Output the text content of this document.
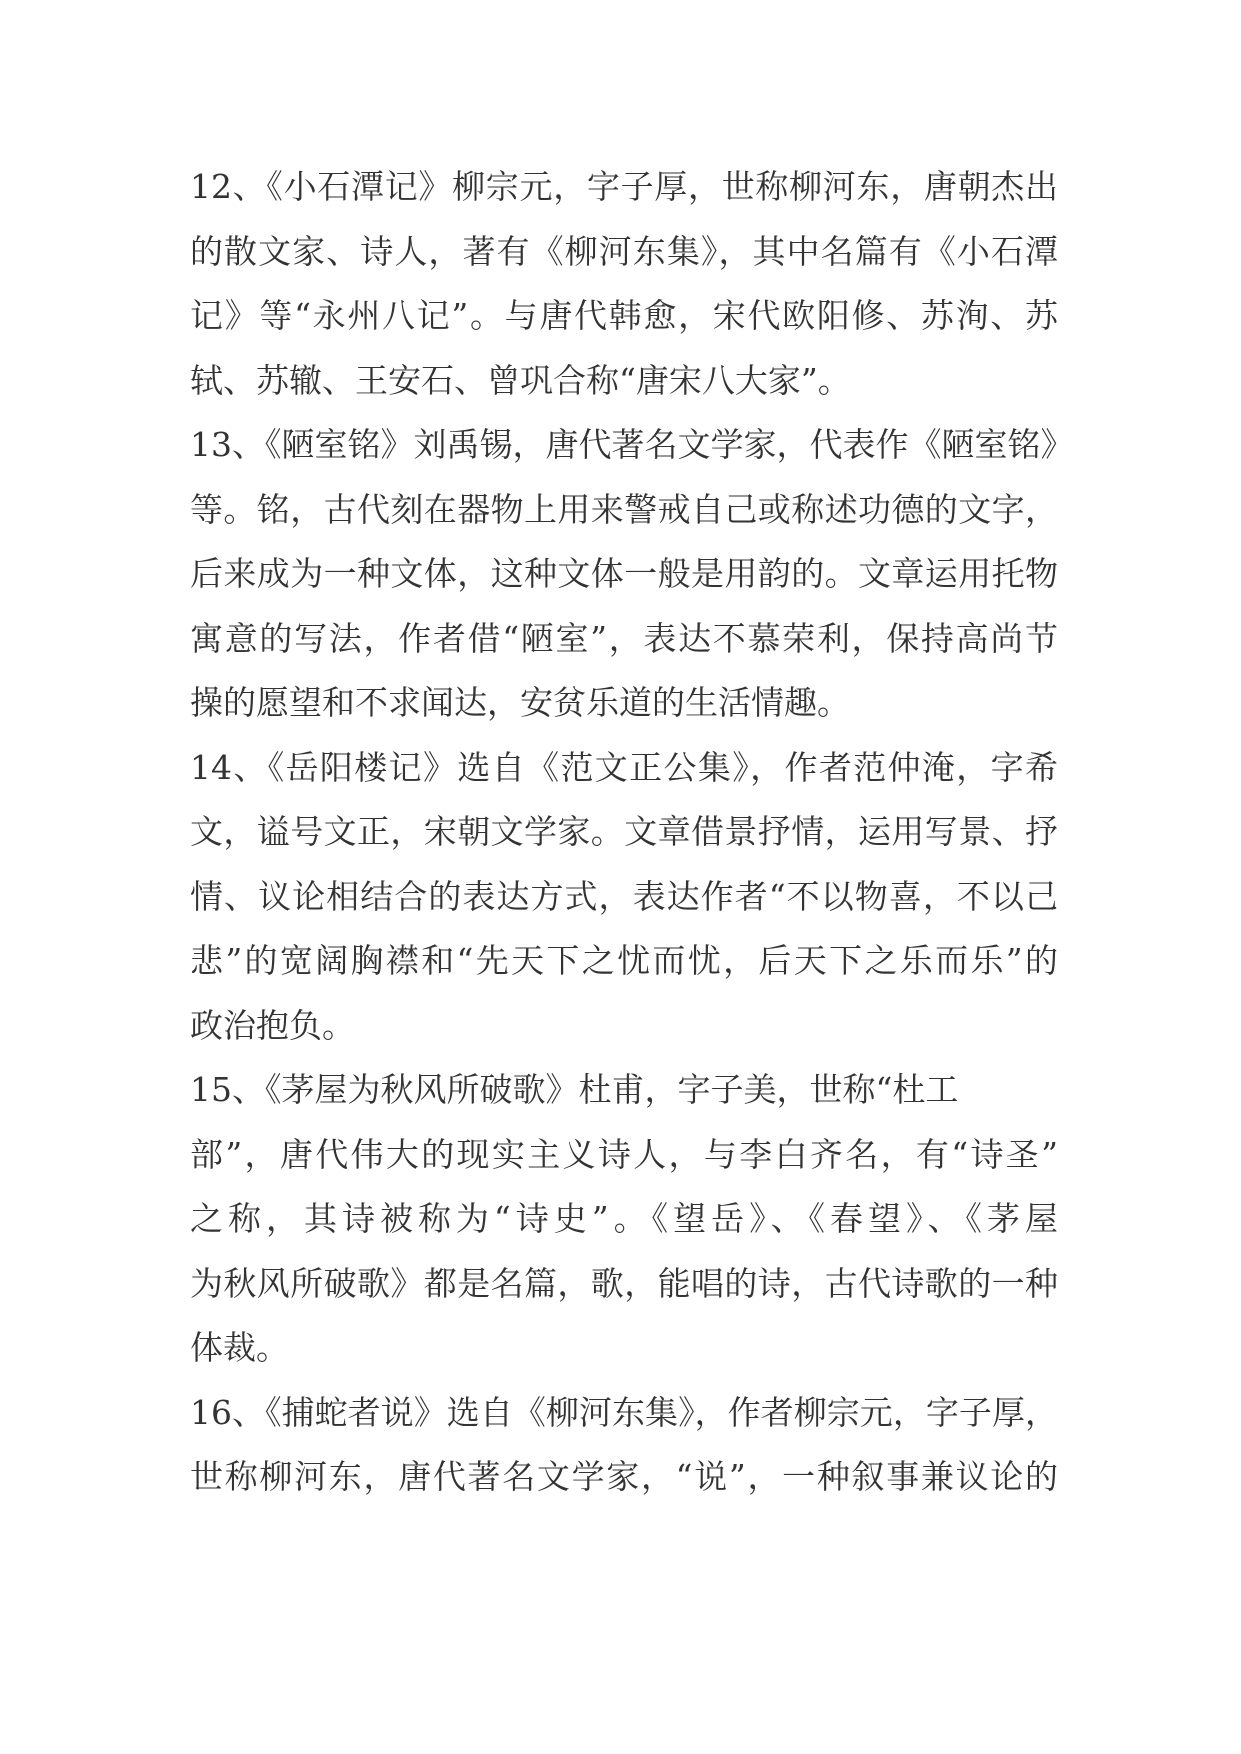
12、《小石潭记》柳宗元，字子厚，世称柳河东，唐朝杰出
的散文家、诗人，著有《柳河东集》，其中名篇有《小石潭
记》等“永州八记”。与唐代韩愈，宋代欧阳修、苏洵、苏
轼、苏辙、王安石、曾巩合称“唐宋八大家”。
13、《陋室铭》刘禹锡，唐代著名文学家，代表作《陋室铭》
等。铭，古代刻在器物上用来警戒自己或称述功德的文字，
后来成为一种文体，这种文体一般是用韵的。文章运用托物
寓意的写法，作者借“陋室”，表达不慕荣利，保持高尚节
操的愿望和不求闻达，安贫乐道的生活情趣。
14、《岳阳楼记》选自《范文正公集》，作者范仲淹，字希
文，谥号文正，宋朝文学家。文章借景抒情，运用写景、抒
情、议论相结合的表达方式，表达作者“不以物喜，不以己
悲”的宽阔胸襟和“先天下之忧而忧，后天下之乐而乐”的
政治抱负。
15、《茅屋为秋风所破歌》杜甫，字子美，世称“杜工
部”，唐代伟大的现实主义诗人，与李白齐名，有“诗圣”
之称，其诗被称为“诗史”。《望岳》、《春望》、《茅屋
为秋风所破歌》都是名篇，歌，能唱的诗，古代诗歌的一种
体裁。
16、《捕蛇者说》选自《柳河东集》，作者柳宗元，字子厚，
世称柳河东，唐代著名文学家，“说”，一种叙事兼议论的
